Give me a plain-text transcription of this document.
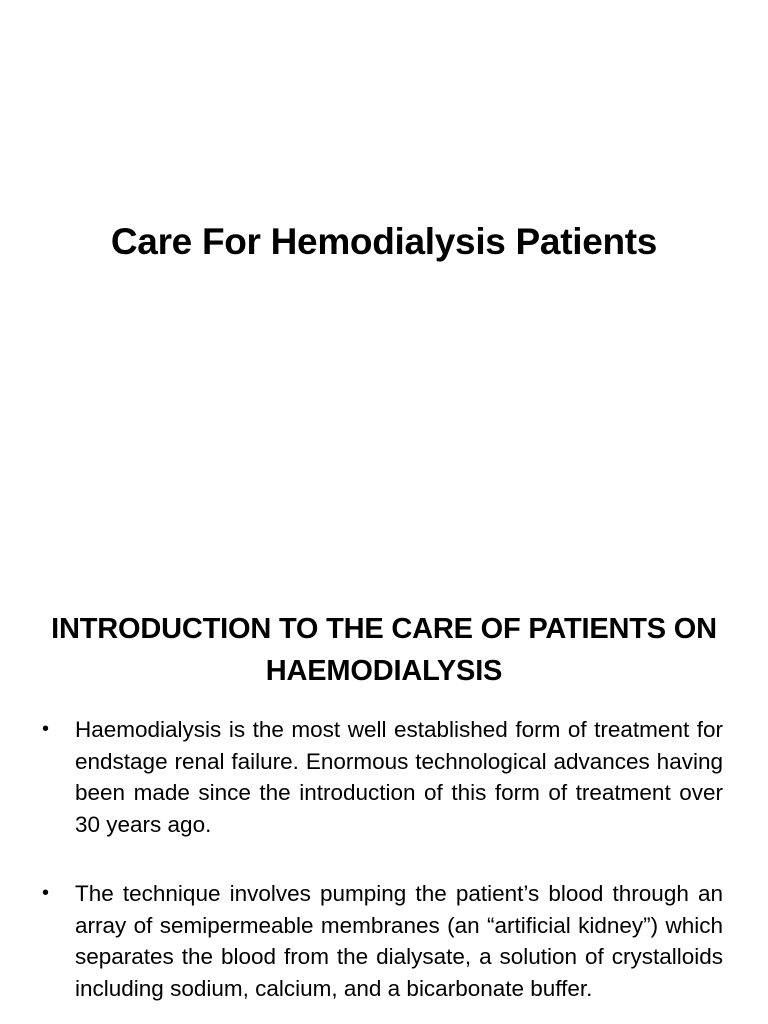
Care For Hemodialysis Patients
INTRODUCTION TO THE CARE OF PATIENTS ON HAEMODIALYSIS
• Haemodialysis is the most well established form of treatment for endstage renal failure. Enormous technological advances having been made since the introduction of this form of treatment over 30 years ago.
• The technique involves pumping the patient’s blood through an array of semipermeable membranes (an “artificial kidney”) which separates the blood from the dialysate, a solution of crystalloids including sodium, calcium, and a bicarbonate buffer.
